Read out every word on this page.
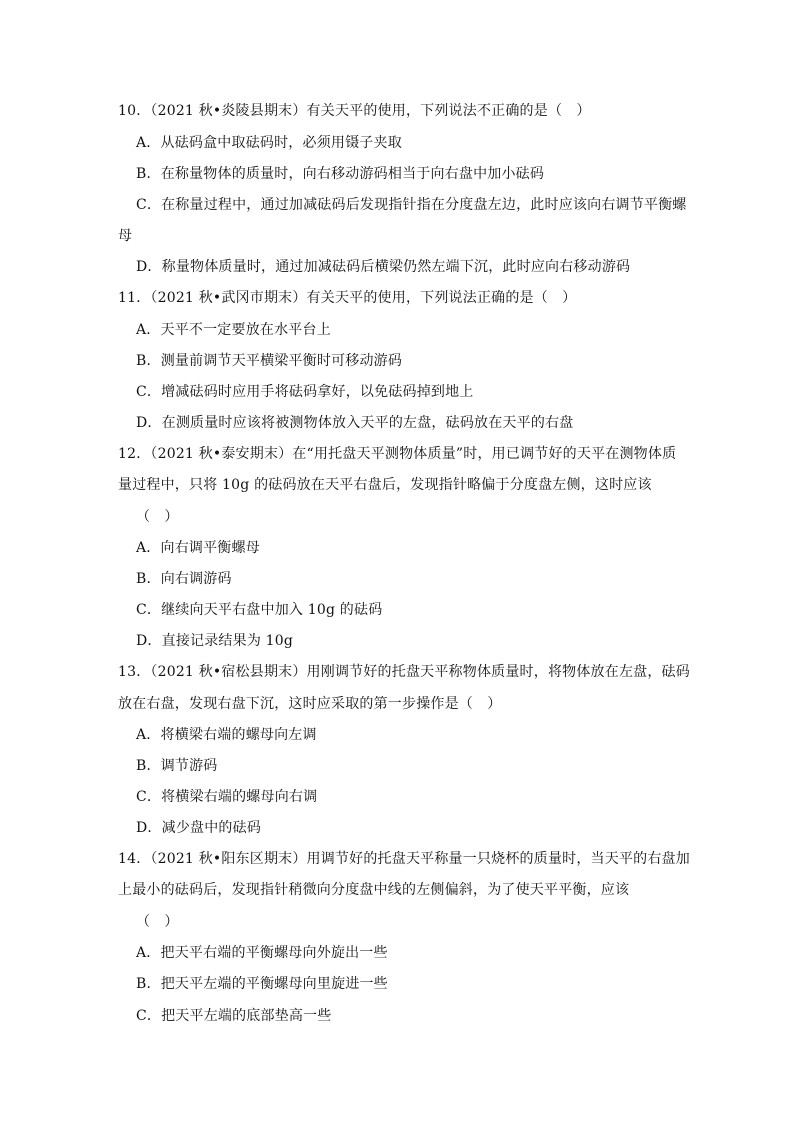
10．（2021 秋•炎陵县期末）有关天平的使用，下列说法不正确的是（　）
A．从砝码盒中取砝码时，必须用镊子夹取
B．在称量物体的质量时，向右移动游码相当于向右盘中加小砝码
C．在称量过程中，通过加减砝码后发现指针指在分度盘左边，此时应该向右调节平衡螺
母
D．称量物体质量时，通过加减砝码后横梁仍然左端下沉，此时应向右移动游码
11．（2021 秋•武冈市期末）有关天平的使用，下列说法正确的是（　）
A．天平不一定要放在水平台上
B．测量前调节天平横梁平衡时可移动游码
C．增减砝码时应用手将砝码拿好，以免砝码掉到地上
D．在测质量时应该将被测物体放入天平的左盘，砝码放在天平的右盘
12．（2021 秋•泰安期末）在“用托盘天平测物体质量”时，用已调节好的天平在测物体质
量过程中，只将 10g 的砝码放在天平右盘后，发现指针略偏于分度盘左侧，这时应该
（　）
A．向右调平衡螺母
B．向右调游码
C．继续向天平右盘中加入 10g 的砝码
D．直接记录结果为 10g
13．（2021 秋•宿松县期末）用刚调节好的托盘天平称物体质量时，将物体放在左盘，砝码
放在右盘，发现右盘下沉，这时应采取的第一步操作是（　）
A．将横梁右端的螺母向左调
B．调节游码
C．将横梁右端的螺母向右调
D．减少盘中的砝码
14．（2021 秋•阳东区期末）用调节好的托盘天平称量一只烧杯的质量时，当天平的右盘加
上最小的砝码后，发现指针稍微向分度盘中线的左侧偏斜，为了使天平平衡，应该
（　）
A．把天平右端的平衡螺母向外旋出一些
B．把天平左端的平衡螺母向里旋进一些
C．把天平左端的底部垫高一些
